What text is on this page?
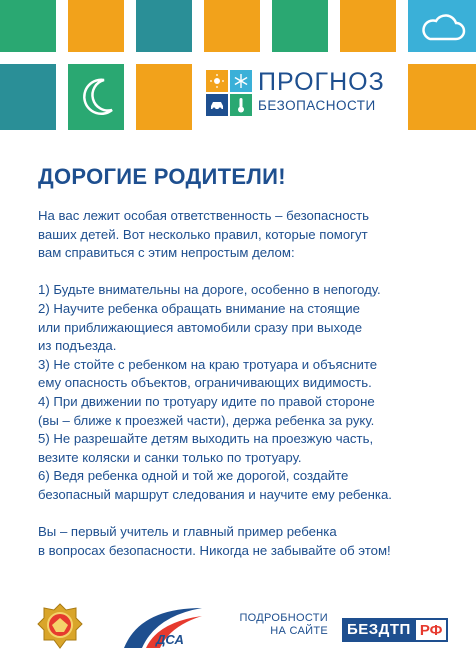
ПРОГНОЗ
БЕЗОПАСНОСТИ
ДОРОГИЕ РОДИТЕЛИ!

На вас лежит особая ответственность – безопасность

ваших детей. Вот несколько правил, которые помогут

вам справиться с этим непростым делом:

1) Будьте внимательны на дороге, особенно в непогоду.

2) Научите ребенка обращать внимание на стоящие

или приближающиеся автомобили сразу при выходе

из подъезда.

3) Не стойте с ребенком на краю тротуара и объясните

ему опасность объектов, ограничивающих видимость.

4) При движении по тротуару идите по правой стороне

(вы – ближе к проезжей части), держа ребенка за руку.

5) Не разрешайте детям выходить на проезжую часть,

везите коляски и санки только по тротуару.

6) Ведя ребенка одной и той же дорогой, создайте

безопасный маршрут следования и научите ему ребенка.

Вы – первый учитель и главный пример ребенка

в вопросах безопасности. Никогда не забывайте об этом!

ДСА
ПОДРОБНОСТИ
НА САЙТЕ	БЕЗДТП РФ
